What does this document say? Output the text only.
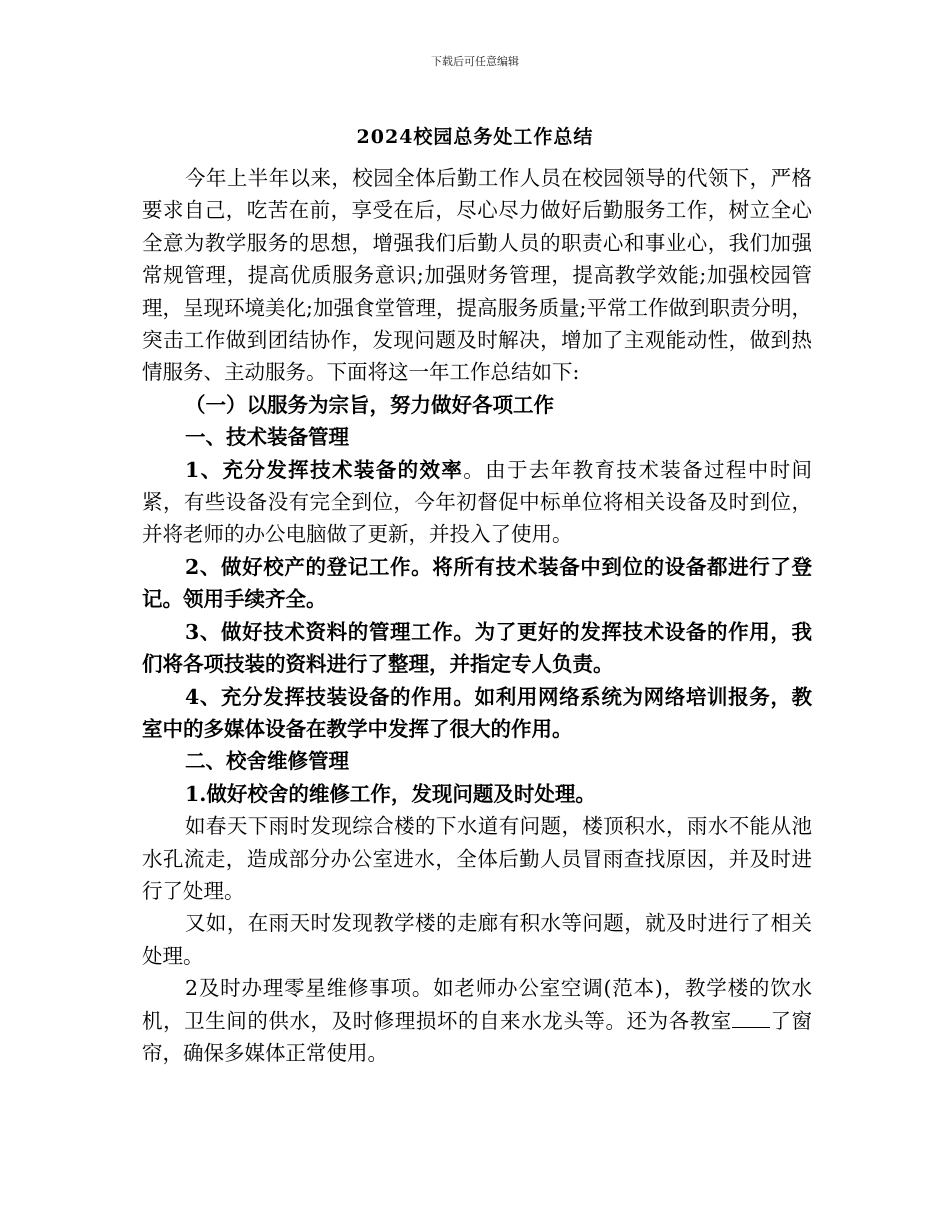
下载后可任意编辑
2024校园总务处工作总结

今年上半年以来，校园全体后勤工作人员在校园领导的代领下，严格要求自己，吃苦在前，享受在后，尽心尽力做好后勤服务工作，树立全心全意为教学服务的思想，增强我们后勤人员的职责心和事业心，我们加强常规管理，提高优质服务意识;加强财务管理，提高教学效能;加强校园管理，呈现环境美化;加强食堂管理，提高服务质量;平常工作做到职责分明，突击工作做到团结协作，发现问题及时解决，增加了主观能动性，做到热情服务、主动服务。下面将这一年工作总结如下:

（一）以服务为宗旨，努力做好各项工作

一、技术装备管理

1、充分发挥技术装备的效率。由于去年教育技术装备过程中时间紧，有些设备没有完全到位，今年初督促中标单位将相关设备及时到位，并将老师的办公电脑做了更新，并投入了使用。

2、做好校产的登记工作。将所有技术装备中到位的设备都进行了登记。领用手续齐全。

3、做好技术资料的管理工作。为了更好的发挥技术设备的作用，我们将各项技装的资料进行了整理，并指定专人负责。

4、充分发挥技装设备的作用。如利用网络系统为网络培训报务，教室中的多媒体设备在教学中发挥了很大的作用。

二、校舍维修管理

1.做好校舍的维修工作，发现问题及时处理。

如春天下雨时发现综合楼的下水道有问题，楼顶积水，雨水不能从池水孔流走，造成部分办公室进水，全体后勤人员冒雨查找原因，并及时进行了处理。

又如，在雨天时发现教学楼的走廊有积水等问题，就及时进行了相关处理。

2及时办理零星维修事项。如老师办公室空调(范本)，教学楼的饮水机，卫生间的供水，及时修理损坏的自来水龙头等。还为各教室 了窗帘，确保多媒体正常使用。
